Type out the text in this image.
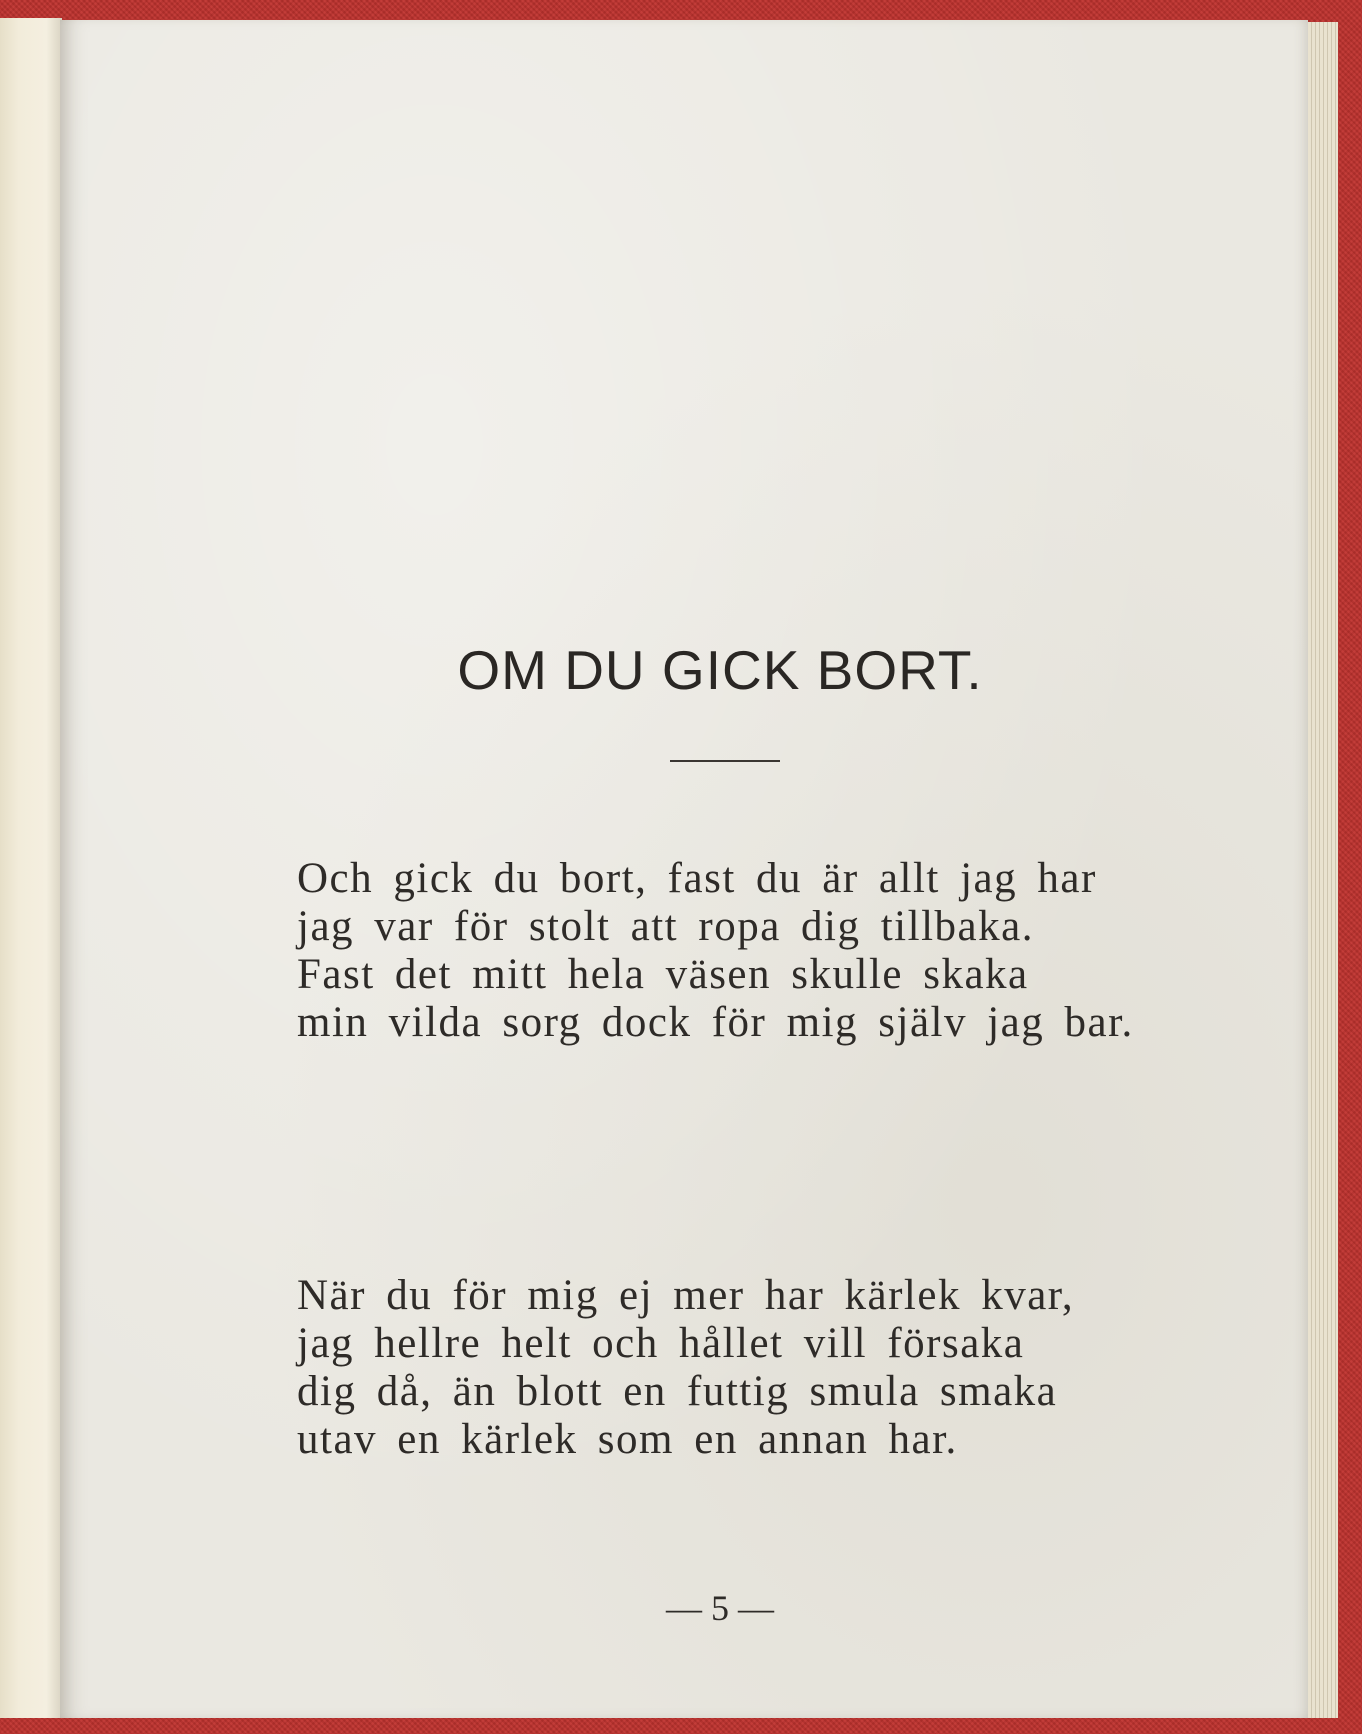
OM DU GICK BORT.
Och gick du bort, fast du är allt jag har
jag var för stolt att ropa dig tillbaka.
Fast det mitt hela väsen skulle skaka
min vilda sorg dock för mig själv jag bar.
När du för mig ej mer har kärlek kvar,
jag hellre helt och hållet vill försaka
dig då, än blott en futtig smula smaka
utav en kärlek som en annan har.
— 5 —
